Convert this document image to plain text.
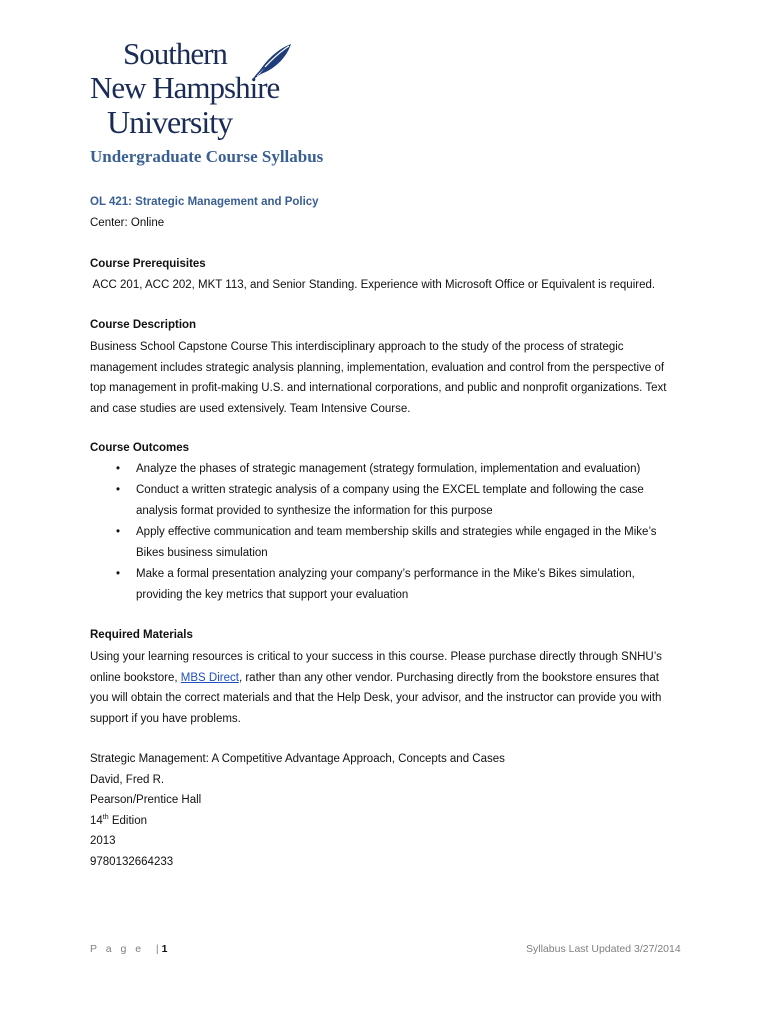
Southern
New Hampshire
University
Undergraduate Course Syllabus
OL 421: Strategic Management and Policy
Center: Online
Course Prerequisites
ACC 201, ACC 202, MKT 113, and Senior Standing. Experience with Microsoft Office or Equivalent is required.
Course Description
Business School Capstone Course This interdisciplinary approach to the study of the process of strategic management includes strategic analysis planning, implementation, evaluation and control from the perspective of top management in profit-making U.S. and international corporations, and public and nonprofit organizations. Text and case studies are used extensively. Team Intensive Course.
Course Outcomes
• Analyze the phases of strategic management (strategy formulation, implementation and evaluation)
• Conduct a written strategic analysis of a company using the EXCEL template and following the case analysis format provided to synthesize the information for this purpose
• Apply effective communication and team membership skills and strategies while engaged in the Mike’s Bikes business simulation
• Make a formal presentation analyzing your company’s performance in the Mike’s Bikes simulation, providing the key metrics that support your evaluation
Required Materials
Using your learning resources is critical to your success in this course. Please purchase directly through SNHU’s online bookstore, MBS Direct, rather than any other vendor. Purchasing directly from the bookstore ensures that you will obtain the correct materials and that the Help Desk, your advisor, and the instructor can provide you with support if you have problems.
Strategic Management: A Competitive Advantage Approach, Concepts and Cases
David, Fred R.
Pearson/Prentice Hall
14th Edition
2013
9780132664233
P a g e  |1	Syllabus Last Updated 3/27/2014
